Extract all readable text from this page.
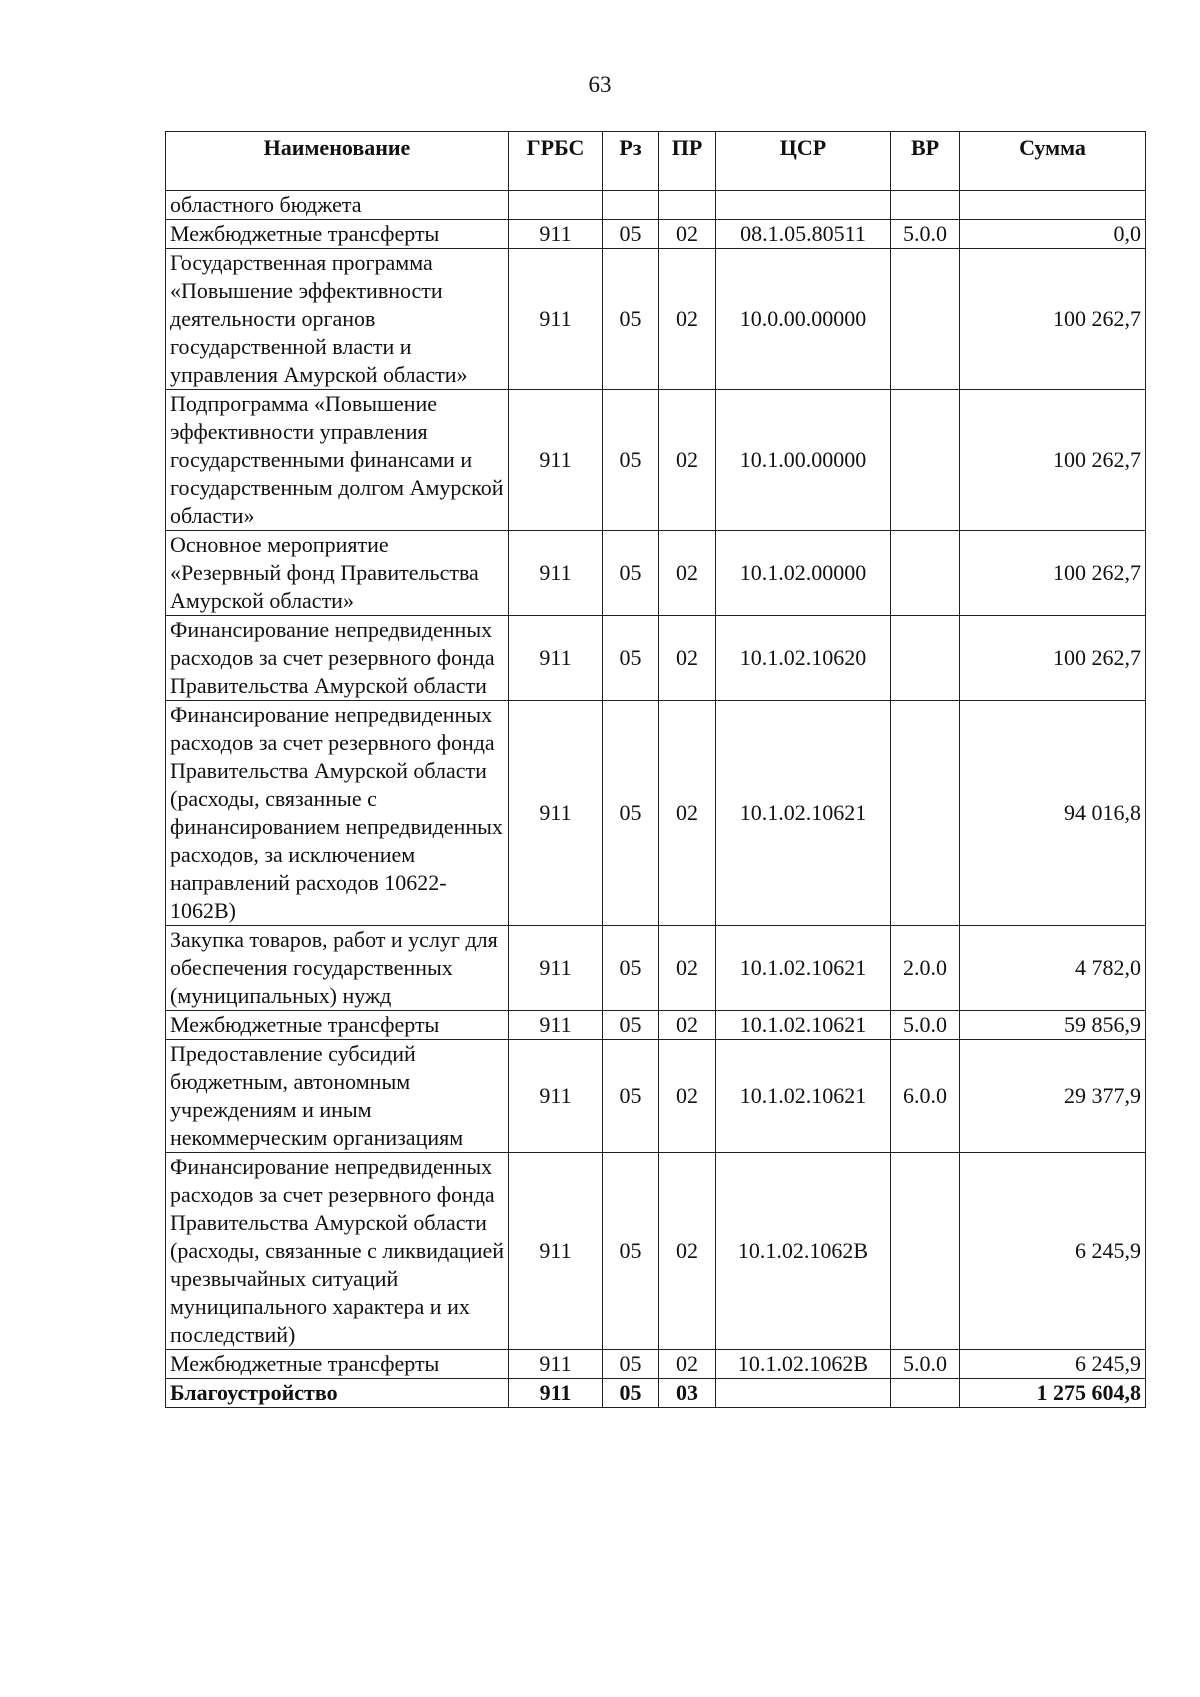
63
Наименование	ГРБС	Рз	ПР	ЦСР	ВР	Сумма
областного бюджета						
Межбюджетные трансферты	911	05	02	08.1.05.80511	5.0.0	0,0
Государственная программа «Повышение эффективности деятельности органов государственной власти и управления Амурской области»	911	05	02	10.0.00.00000		100 262,7
Подпрограмма «Повышение эффективности управления государственными финансами и государственным долгом Амурской области»	911	05	02	10.1.00.00000		100 262,7
Основное мероприятие «Резервный фонд Правительства Амурской области»	911	05	02	10.1.02.00000		100 262,7
Финансирование непредвиденных расходов за счет резервного фонда Правительства Амурской области	911	05	02	10.1.02.10620		100 262,7
Финансирование непредвиденных расходов за счет резервного фонда Правительства Амурской области (расходы, связанные с финансированием непредвиденных расходов, за исключением направлений расходов 10622-1062В)	911	05	02	10.1.02.10621		94 016,8
Закупка товаров, работ и услуг для обеспечения государственных (муниципальных) нужд	911	05	02	10.1.02.10621	2.0.0	4 782,0
Межбюджетные трансферты	911	05	02	10.1.02.10621	5.0.0	59 856,9
Предоставление субсидий бюджетным, автономным учреждениям и иным некоммерческим организациям	911	05	02	10.1.02.10621	6.0.0	29 377,9
Финансирование непредвиденных расходов за счет резервного фонда Правительства Амурской области (расходы, связанные с ликвидацией чрезвычайных ситуаций муниципального характера и их последствий)	911	05	02	10.1.02.1062В		6 245,9
Межбюджетные трансферты	911	05	02	10.1.02.1062В	5.0.0	6 245,9
Благоустройство	911	05	03			1 275 604,8
